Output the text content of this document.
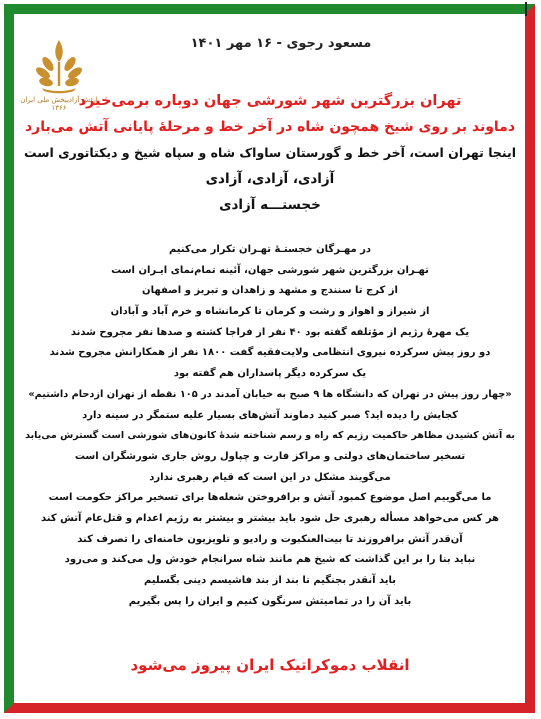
ارتش آزادیبخش ملی ایران
۱۳۶۶
مسعود رجوی - ۱۶ مهر ۱۴۰۱

تهران بزرگترین شهر شورشی جهان دوباره برمی‌خیزد

دماوند بر روی شیخ همچون شاه در آخر خط و مرحلهٔ پایانی آتش می‌بارد

اینجا تهران است، آخر خط و گورستان ساواک شاه و سپاه شیخ و دیکتاتوری است

آزادی، آزادی، آزادی

خجستـــه آزادی

در مهـرگان خجستـهٔ تهـران تکرار می‌کنیم

تهـران بزرگترین شهر شورشی جهان، آئینه تمام‌نمای ایـران است

از کرج تا سنندج و مشهد و زاهدان و تبریز و اصفهان

از شیراز و اهواز و رشت و کرمان تا کرمانشاه و خرم آباد و آبادان

یک مهرهٔ رژیم از مؤتلفه گفته بود ۴۰ نفر از فراجا کشته و صدها نفر مجروح شدند

دو روز پیش سرکرده نیروی انتظامی ولایت‌فقیه گفت ۱۸۰۰ نفر از همکارانش مجروح شدند

یک سرکرده دیگر پاسداران هم گفته بود

«چهار روز پیش در تهران که دانشگاه ها ۹ صبح به خیابان آمدند در ۱۰۵ نقطه از تهران ازدحام داشتیم»

کجایش را دیده اید؟ صبر کنید دماوند آتش‌های بسیار علیه ستمگر در سینه دارد

به آتش کشیدن مظاهر حاکمیت رژیم که راه و رسم شناخته شدهٔ کانون‌های شورشی است گسترش می‌یابد

تسخیر ساختمان‌های دولتی و مراکز فارت و چپاول روش جاری شورشگران است

می‌گویند مشکل در این است که قیام رهبری ندارد

ما می‌گوییم اصل موضوع کمبود آتش و برافروختن شعله‌ها برای تسخیر مراکز حکومت است

هر کس می‌خواهد مسأله رهبری حل شود باید بیشتر و بیشتر به رژیم اعدام و قتل‌عام آتش کند

آن‌قدر آتش برافروزند تا بیت‌العنکبوت و رادیو و تلویزیون خامنه‌ای را تصرف کند

نباید بنا را بر این گذاشت که شیخ هم مانند شاه سرانجام خودش ول می‌کند و می‌رود

باید آنقدر بجنگیم تا بند از بند فاشیسم دینی بگسلیم

باید آن را در تمامیتش سرنگون کنیم و ایران را پس بگیریم

انقلاب دموکراتیک ایران پیروز می‌شود
